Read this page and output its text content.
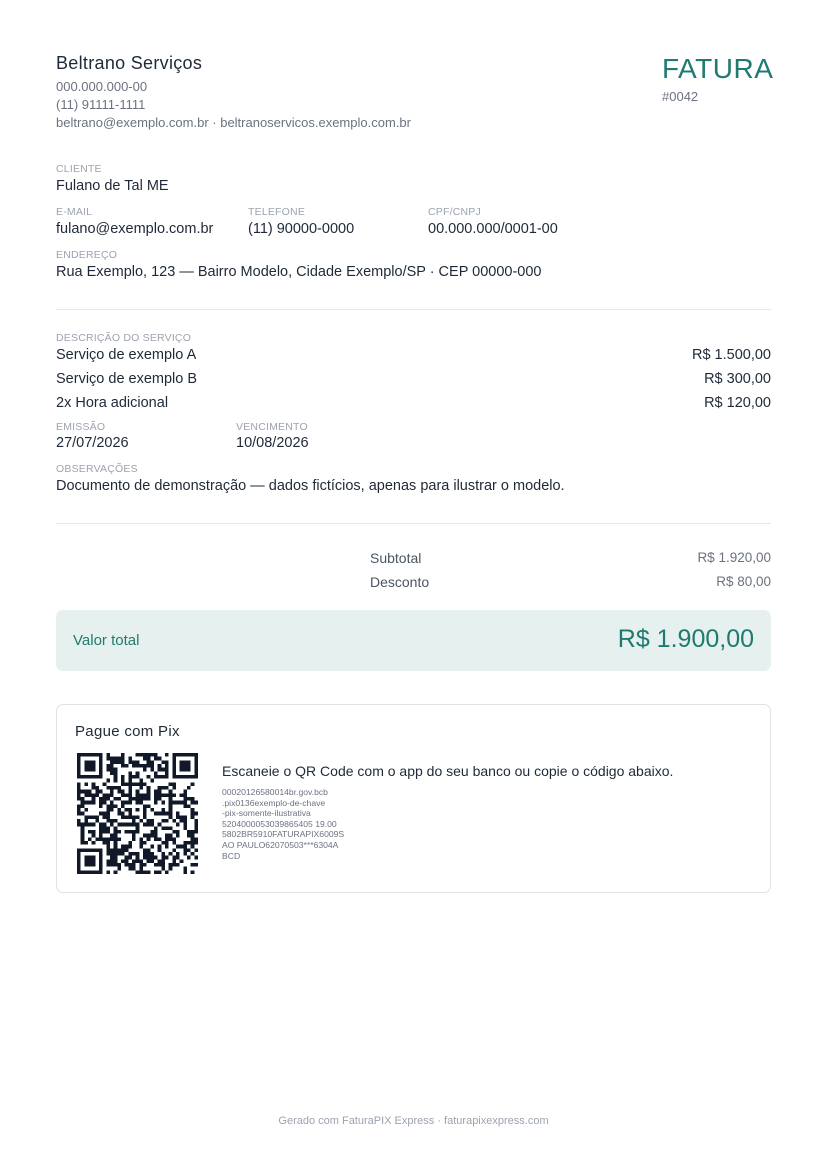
Beltrano Serviços
000.000.000-00
(11) 91111-1111
beltrano@exemplo.com.br · beltranoservicos.exemplo.com.br
FATURA
#0042
CLIENTE
Fulano de Tal ME
E-MAIL
fulano@exemplo.com.br
TELEFONE
(11) 90000-0000
CPF/CNPJ
00.000.000/0001-00
ENDEREÇO
Rua Exemplo, 123 — Bairro Modelo, Cidade Exemplo/SP · CEP 00000-000
DESCRIÇÃO DO SERVIÇO
Serviço de exemplo A	R$ 1.500,00
Serviço de exemplo B	R$ 300,00
2x Hora adicional	R$ 120,00
EMISSÃO
27/07/2026
VENCIMENTO
10/08/2026
OBSERVAÇÕES
Documento de demonstração — dados fictícios, apenas para ilustrar o modelo.
Subtotal	R$ 1.920,00
Desconto	R$ 80,00
Valor total	R$ 1.900,00
Pague com Pix
Escaneie o QR Code com o app do seu banco ou copie o código abaixo.
00020126580014br.gov.bcb
.pix0136exemplo-de-chave
-pix-somente-ilustrativa
5204000053039865405 19.00
5802BR5910FATURAPIX6009S
AO PAULO62070503***6304A
BCD
Gerado com FaturaPIX Express · faturapixexpress.com
